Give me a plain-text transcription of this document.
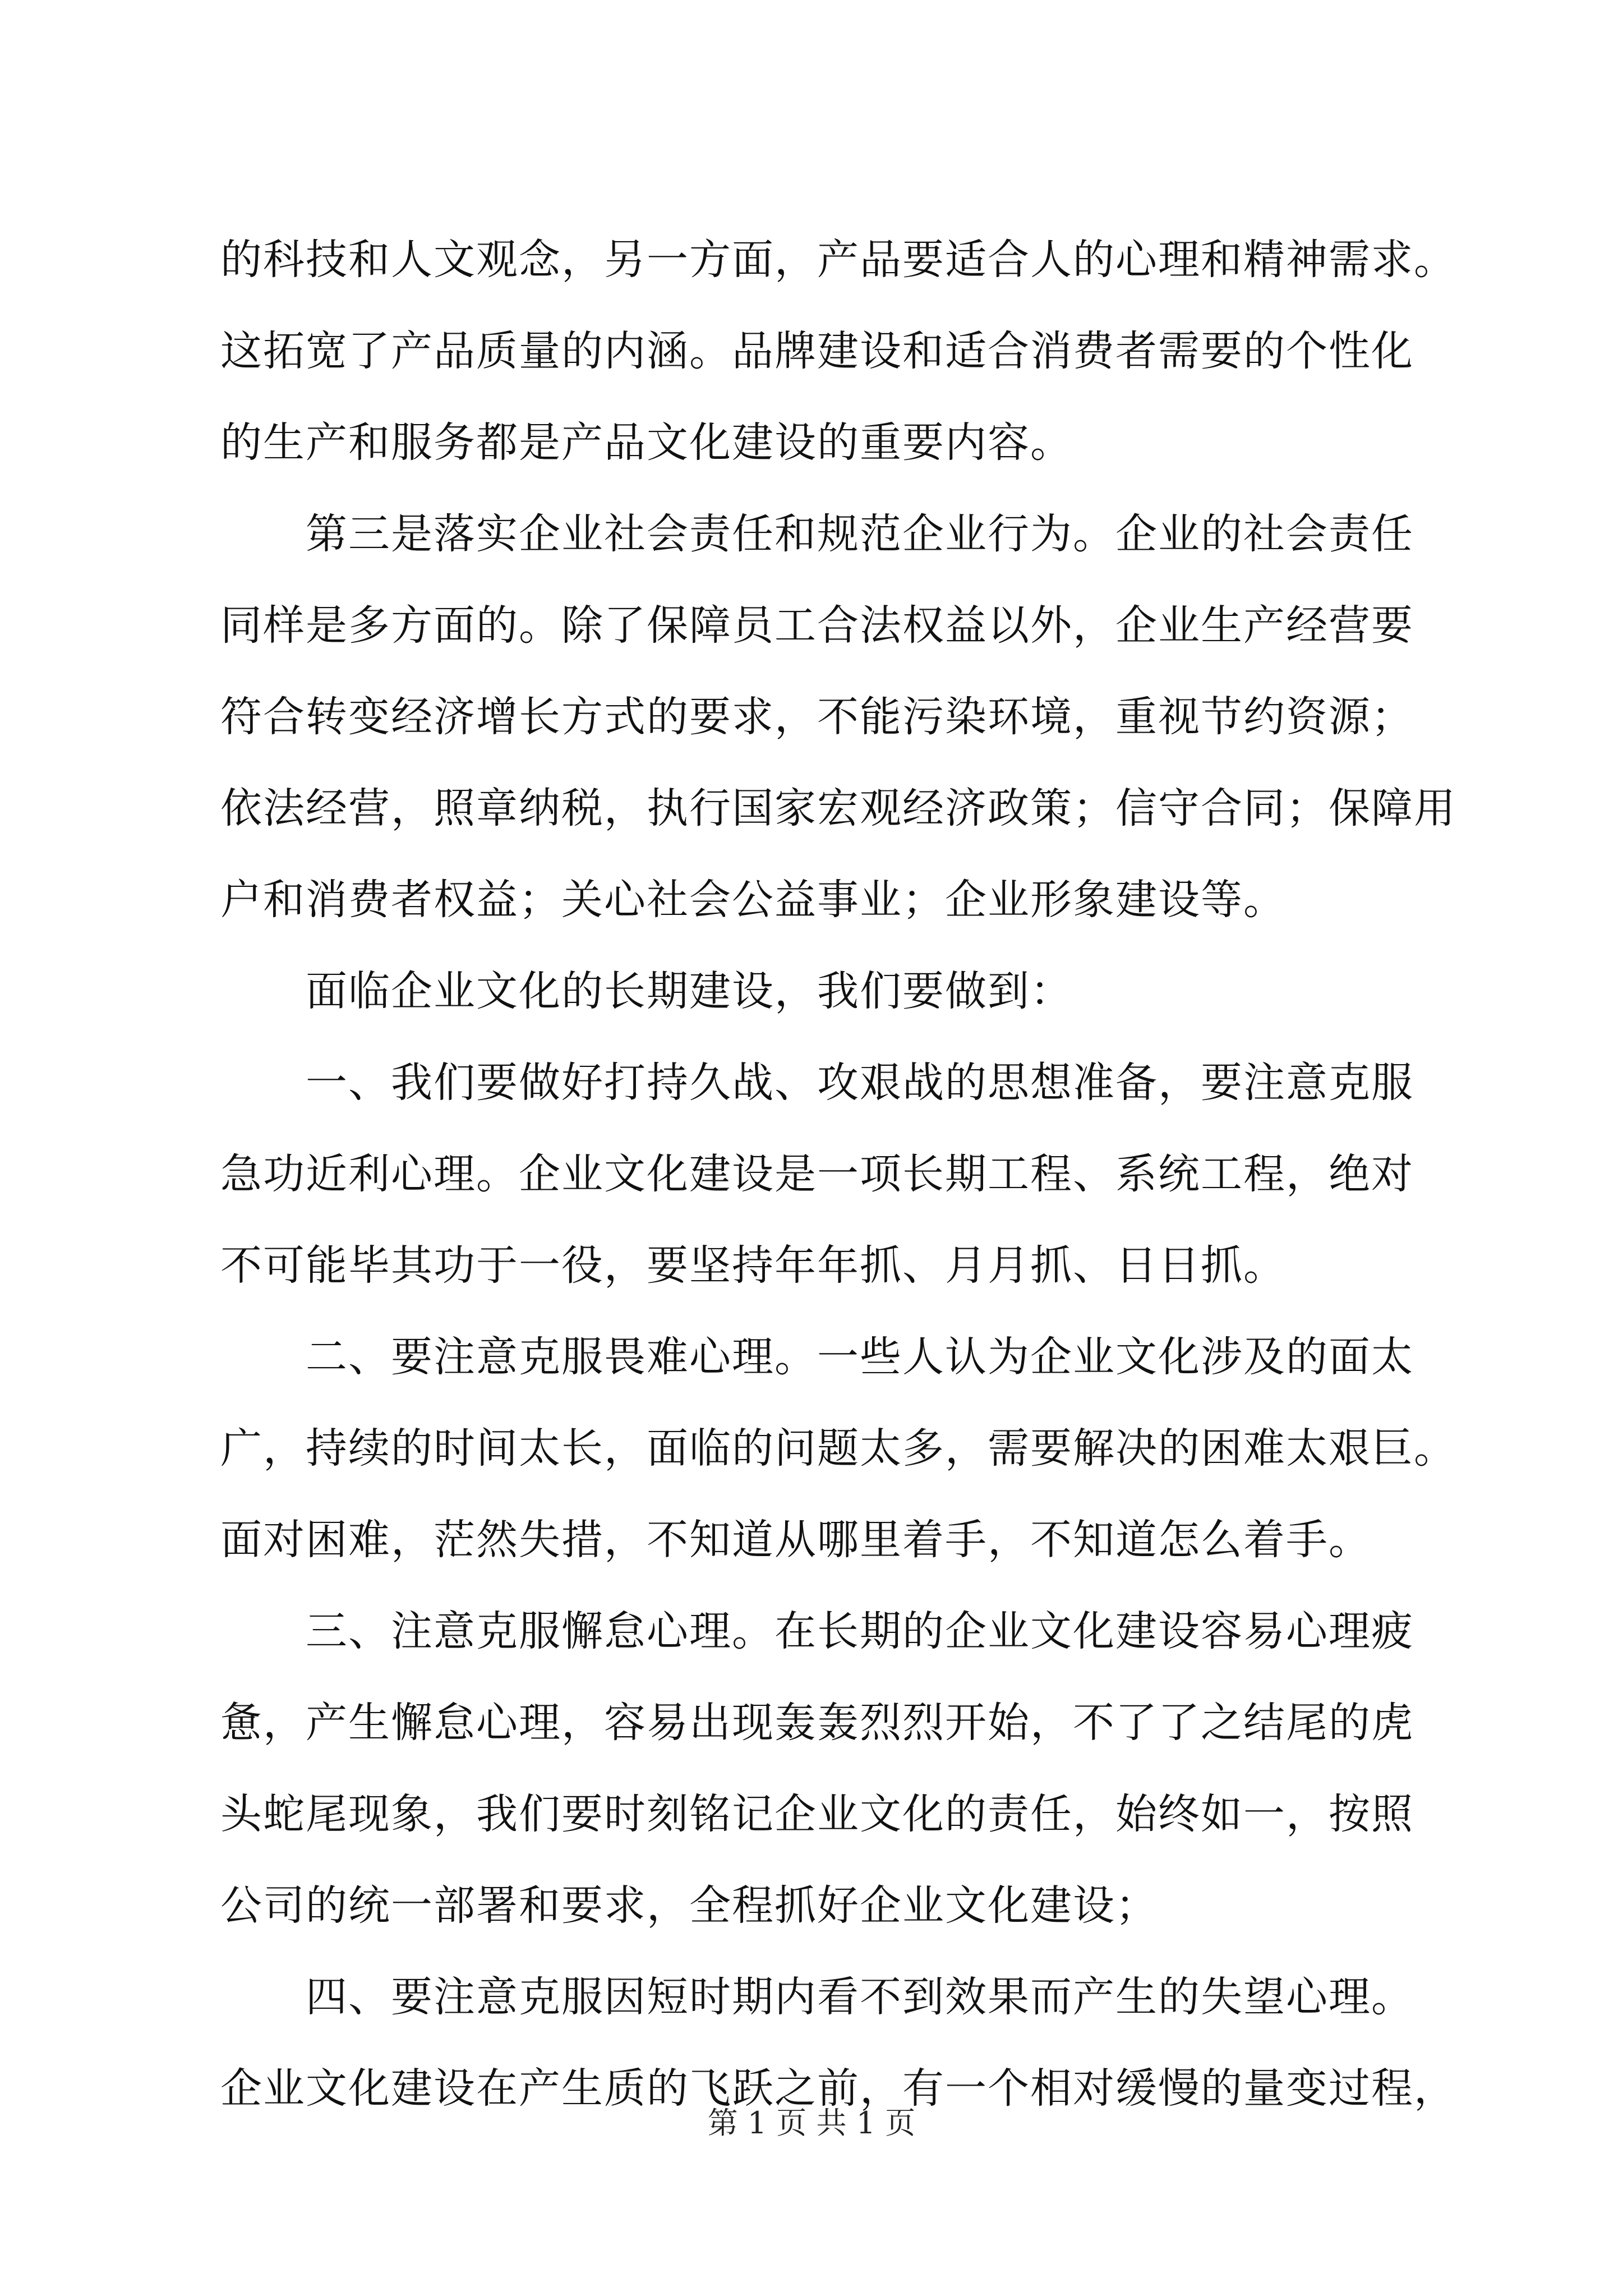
的科技和人文观念，另一方面，产品要适合人的心理和精神需求。
这拓宽了产品质量的内涵。品牌建设和适合消费者需要的个性化
的生产和服务都是产品文化建设的重要内容。
第三是落实企业社会责任和规范企业行为。企业的社会责任
同样是多方面的。除了保障员工合法权益以外，企业生产经营要
符合转变经济增长方式的要求，不能污染环境，重视节约资源；
依法经营，照章纳税，执行国家宏观经济政策；信守合同；保障用
户和消费者权益；关心社会公益事业；企业形象建设等。
面临企业文化的长期建设，我们要做到：
一、我们要做好打持久战、攻艰战的思想准备，要注意克服
急功近利心理。企业文化建设是一项长期工程、系统工程，绝对
不可能毕其功于一役，要坚持年年抓、月月抓、日日抓。
二、要注意克服畏难心理。一些人认为企业文化涉及的面太
广，持续的时间太长，面临的问题太多，需要解决的困难太艰巨。
面对困难，茫然失措，不知道从哪里着手，不知道怎么着手。
三、注意克服懈怠心理。在长期的企业文化建设容易心理疲
惫，产生懈怠心理，容易出现轰轰烈烈开始，不了了之结尾的虎
头蛇尾现象，我们要时刻铭记企业文化的责任，始终如一，按照
公司的统一部署和要求，全程抓好企业文化建设；
四、要注意克服因短时期内看不到效果而产生的失望心理。
企业文化建设在产生质的飞跃之前，有一个相对缓慢的量变过程，
第 1 页 共 1 页
